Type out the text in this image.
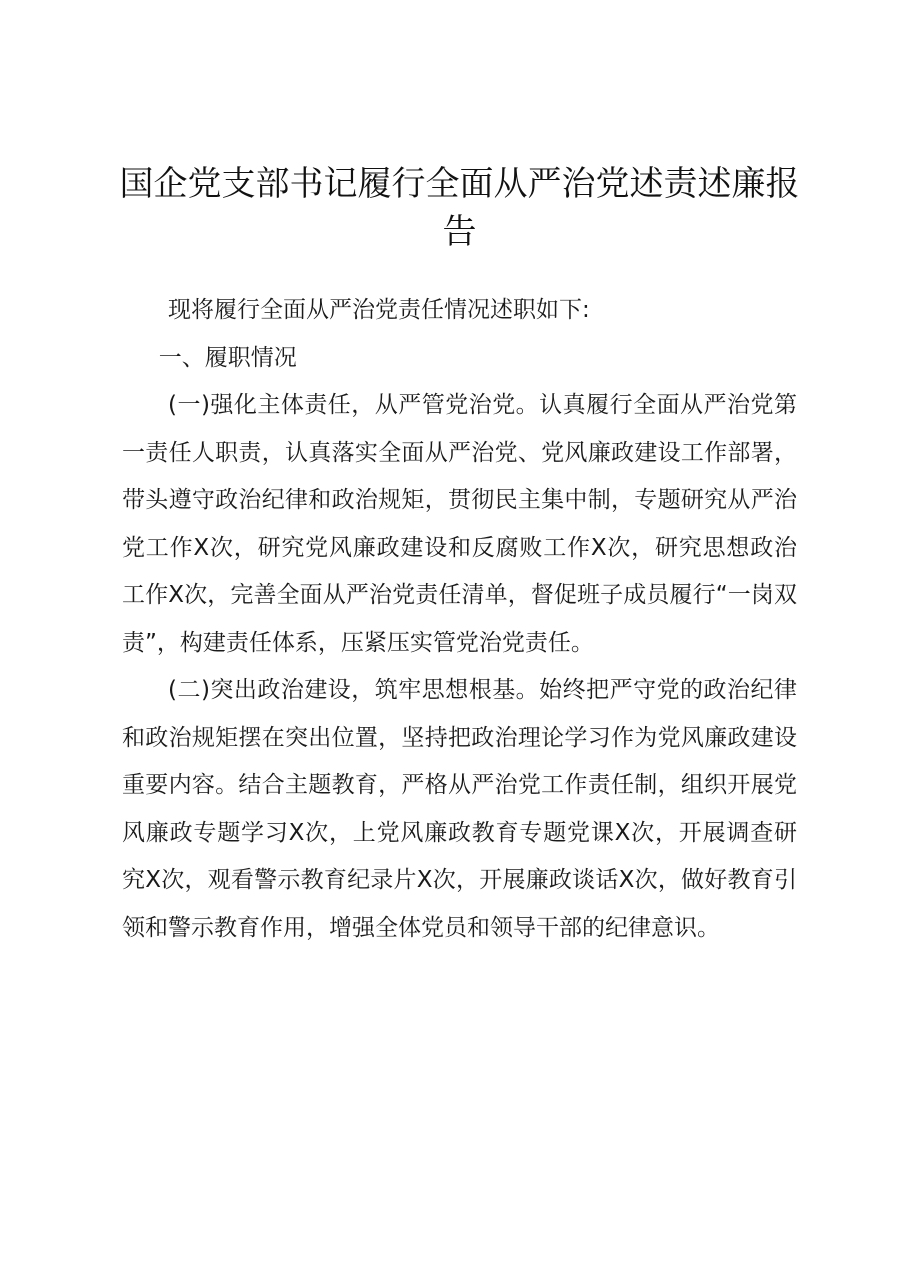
国企党支部书记履行全面从严治党述责述廉报告

现将履行全面从严治党责任情况述职如下:

一、履职情况

(一)强化主体责任，从严管党治党。认真履行全面从严治党第一责任人职责，认真落实全面从严治党、党风廉政建设工作部署，带头遵守政治纪律和政治规矩，贯彻民主集中制，专题研究从严治党工作X次，研究党风廉政建设和反腐败工作X次，研究思想政治工作X次，完善全面从严治党责任清单，督促班子成员履行“一岗双责”，构建责任体系，压紧压实管党治党责任。

(二)突出政治建设，筑牢思想根基。始终把严守党的政治纪律和政治规矩摆在突出位置，坚持把政治理论学习作为党风廉政建设重要内容。结合主题教育，严格从严治党工作责任制，组织开展党风廉政专题学习X次，上党风廉政教育专题党课X次，开展调查研究X次，观看警示教育纪录片X次，开展廉政谈话X次，做好教育引领和警示教育作用，增强全体党员和领导干部的纪律意识。
